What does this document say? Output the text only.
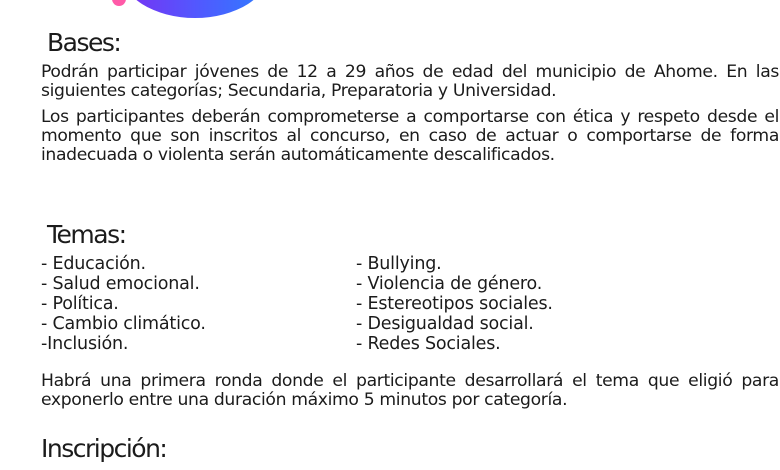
Bases:

Podrán participar jóvenes de 12 a 29 años de edad del municipio de Ahome. En las siguientes categorías; Secundaria, Preparatoria y Universidad.

Los participantes deberán comprometerse a comportarse con ética y respeto desde el momento que son inscritos al concurso, en caso de actuar o comportarse de forma inadecuada o violenta serán automáticamente descalificados.

Temas:
- Educación.
- Salud emocional.
- Política.
- Cambio climático.
-Inclusión.
- Bullying.
- Violencia de género.
- Estereotipos sociales.
- Desigualdad social.
- Redes Sociales.

Habrá una primera ronda donde el participante desarrollará el tema que eligió para exponerlo entre una duración máximo 5 minutos por categoría.

Inscripción:
